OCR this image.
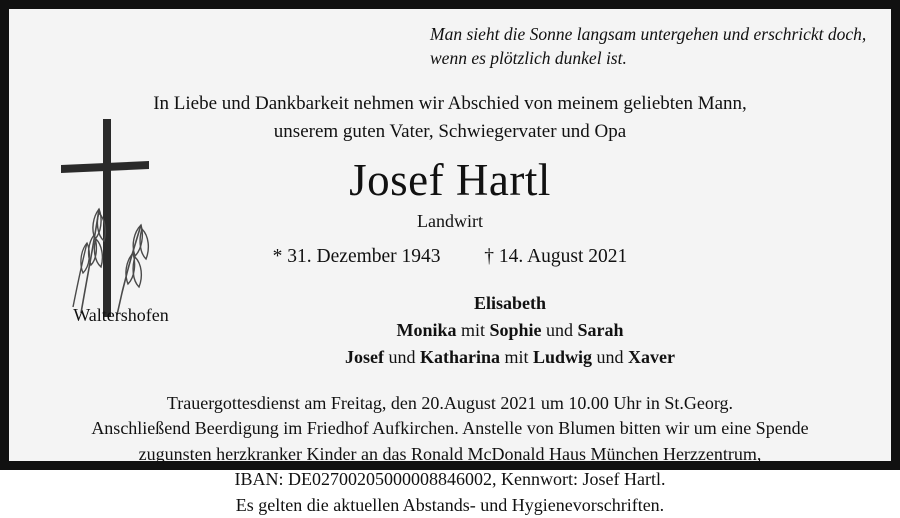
Man sieht die Sonne langsam untergehen und erschrickt doch,
wenn es plötzlich dunkel ist.
In Liebe und Dankbarkeit nehmen wir Abschied von meinem geliebten Mann,
unserem guten Vater, Schwiegervater und Opa
Josef Hartl
Landwirt
* 31. Dezember 1943 † 14. August 2021
Elisabeth
Monika mit Sophie und Sarah
Josef und Katharina mit Ludwig und Xaver
Trauergottesdienst am Freitag, den 20.August 2021 um 10.00 Uhr in St.Georg.
Anschließend Beerdigung im Friedhof Aufkirchen. Anstelle von Blumen bitten wir um eine Spende
zugunsten herzkranker Kinder an das Ronald McDonald Haus München Herzzentrum,
IBAN: DE02700205000008846002, Kennwort: Josef Hartl.
Es gelten die aktuellen Abstands- und Hygienevorschriften.
Waltershofen
